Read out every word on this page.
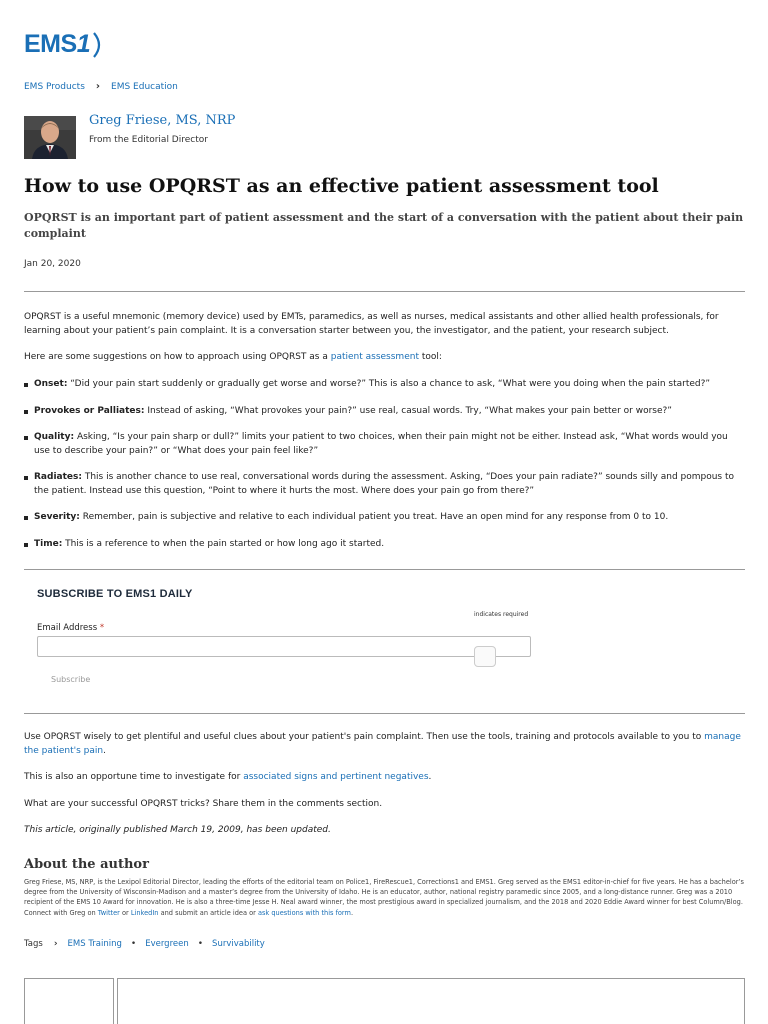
EMS1
EMS Products › EMS Education
Greg Friese, MS, NRP
From the Editorial Director
How to use OPQRST as an effective patient assessment tool
OPQRST is an important part of patient assessment and the start of a conversation with the patient about their pain complaint
Jan 20, 2020

OPQRST is a useful mnemonic (memory device) used by EMTs, paramedics, as well as nurses, medical assistants and other allied health professionals, for learning about your patient’s pain complaint. It is a conversation starter between you, the investigator, and the patient, your research subject.

Here are some suggestions on how to approach using OPQRST as a patient assessment tool:

Onset: “Did your pain start suddenly or gradually get worse and worse?” This is also a chance to ask, “What were you doing when the pain started?”
Provokes or Palliates: Instead of asking, “What provokes your pain?” use real, casual words. Try, “What makes your pain better or worse?”
Quality: Asking, “Is your pain sharp or dull?” limits your patient to two choices, when their pain might not be either. Instead ask, “What words would you use to describe your pain?” or “What does your pain feel like?”
Radiates: This is another chance to use real, conversational words during the assessment. Asking, “Does your pain radiate?” sounds silly and pompous to the patient. Instead use this question, “Point to where it hurts the most. Where does your pain go from there?”
Severity: Remember, pain is subjective and relative to each individual patient you treat. Have an open mind for any response from 0 to 10.
Time: This is a reference to when the pain started or how long ago it started.
SUBSCRIBE TO EMS1 DAILY
indicates required
Email Address *
Subscribe

Use OPQRST wisely to get plentiful and useful clues about your patient's pain complaint. Then use the tools, training and protocols available to you to manage the patient's pain.

This is also an opportune time to investigate for associated signs and pertinent negatives.

What are your successful OPQRST tricks? Share them in the comments section.

This article, originally published March 19, 2009, has been updated.

About the author

Greg Friese, MS, NRP, is the Lexipol Editorial Director, leading the efforts of the editorial team on Police1, FireRescue1, Corrections1 and EMS1. Greg served as the EMS1 editor-in-chief for five years. He has a bachelor’s degree from the University of Wisconsin-Madison and a master’s degree from the University of Idaho. He is an educator, author, national registry paramedic since 2005, and a long-distance runner. Greg was a 2010 recipient of the EMS 10 Award for innovation. He is also a three-time Jesse H. Neal award winner, the most prestigious award in specialized journalism, and the 2018 and 2020 Eddie Award winner for best Column/Blog. Connect with Greg on Twitter or LinkedIn and submit an article idea or ask questions with this form.

Tags › EMS Training • Evergreen • Survivability
